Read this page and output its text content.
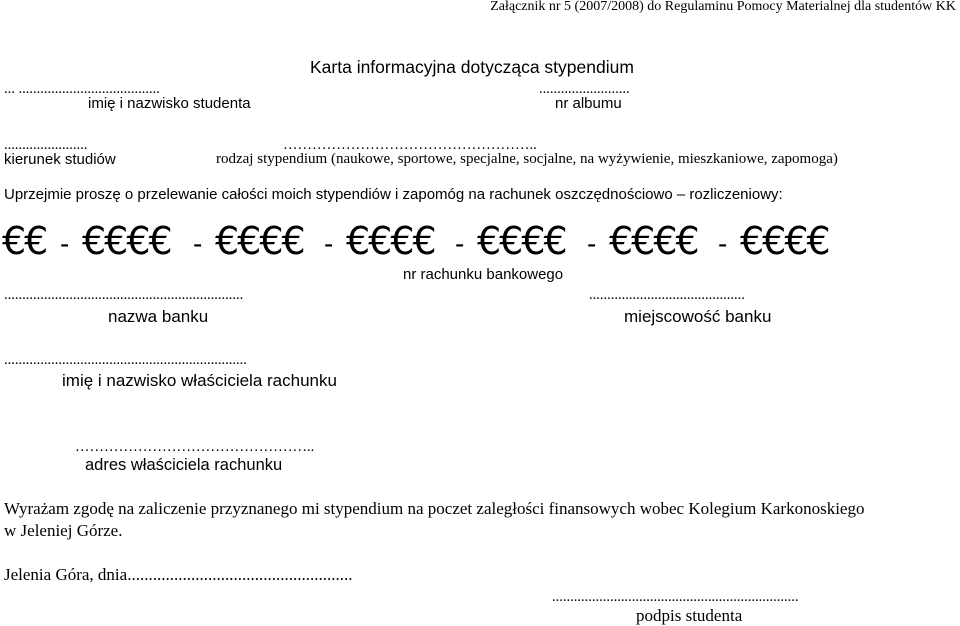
Załącznik nr 5 (2007/2008) do Regulaminu Pomocy Materialnej dla studentów KK
Karta informacyjna dotycząca stypendium
... .......................................
imię i nazwisko studenta
.........................
nr albumu
.......................
kierunek studiów
……………………………………………..
rodzaj stypendium (naukowe, sportowe, specjalne, socjalne, na wyżywienie, mieszkaniowe, zapomoga)
Uprzejmie proszę o przelewanie całości moich stypendiów i zapomóg na rachunek oszczędnościowo – rozliczeniowy:
€€ - €€€€ - €€€€ - €€€€ - €€€€ - €€€€ - €€€€
nr rachunku bankowego
..................................................................
nazwa banku
...........................................
miejscowość banku
...................................................................
imię i nazwisko właściciela rachunku
…………………………………………..
adres właściciela rachunku
Wyrażam zgodę na zaliczenie przyznanego mi stypendium na poczet zaległości finansowych wobec Kolegium Karkonoskiego
w Jeleniej Górze.
Jelenia Góra, dnia.....................................................
....................................................................
podpis studenta
